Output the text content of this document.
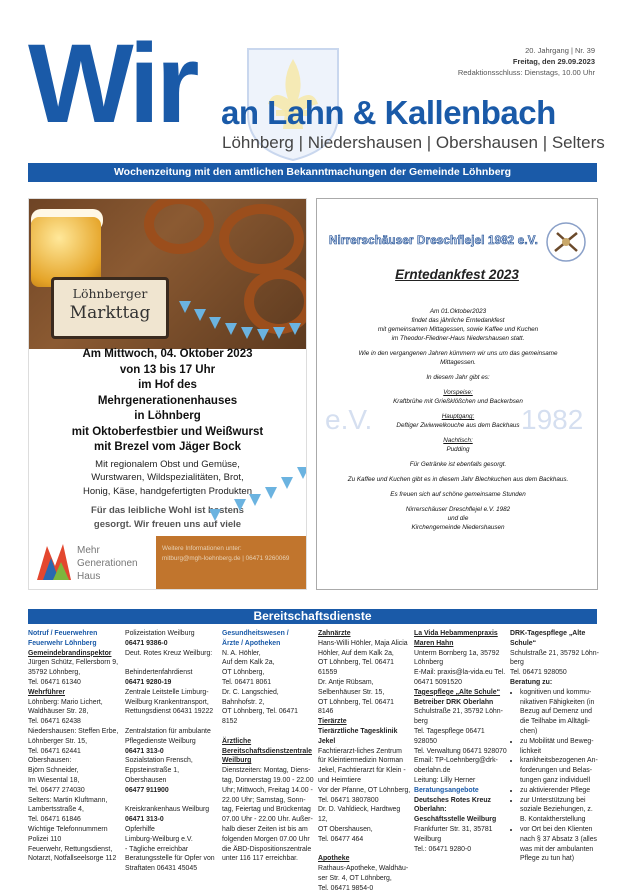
Wir	20. Jahrgang | Nr. 39
Freitag, den 29.09.2023
Redaktionsschluss: Dienstags, 10.00 Uhr
an Lahn & Kallenbach
Löhnberg | Niedershausen | Obershausen | Selters
Wochenzeitung mit den amtlichen Bekanntmachungen der Gemeinde Löhnberg
Löhnberger
Markttag
Am Mittwoch, 04. Oktober 2023
von 13 bis 17 Uhr
im Hof des
Mehrgenerationenhauses
in Löhnberg
mit Oktoberfestbier und Weißwurst
mit Brezel vom Jäger Bock
Mit regionalem Obst und Gemüse,
Wurstwaren, Wildspezialitäten, Brot,
Honig, Käse, handgefertigten Produkten
Für das leibliche Wohl ist bestens
gesorgt. Wir freuen uns auf viele
Mehr
Generationen
Haus
Weitere Informationen unter:
mitburg@mgh-loehnberg.de | 06471 9260069
e.V.	1982
Nirrerschäuser Dreschflejel 1982 e.V.
Erntedankfest 2023

Am 01.Oktober2023
findet das jährliche Erntedankfest
mit gemeinsamen Mittagessen, sowie Kaffee und Kuchen
im Theodor-Fliedner-Haus Niedershausen statt.

Wie in den vergangenen Jahren kümmern wir uns um das gemeinsame
Mittagessen.

In diesem Jahr gibt es:

Vorspeise:
Kraftbrühe mit Grießklößchen und Backerbsen

Hauptgang:
Deftiger Zwiwwelkouche aus dem Backhaus

Nachtisch:
Pudding

Für Getränke ist ebenfalls gesorgt.

Zu Kaffee und Kuchen gibt es in diesem Jahr Blechkuchen aus dem Backhaus.

Es freuen sich auf schöne gemeinsame Stunden

Nirrerschäuser Dreschflejel e.V. 1982
und die
Kirchengemeinde Niedershausen

Bereitschaftsdienste
Notruf / Feuerwehren
Feuerwehr Löhnberg
Gemeindebrandinspektor
Jürgen Schütz, Fellersborn 9,
35792 Löhnberg,
Tel. 06471 61340
Wehrführer
Löhnberg: Mario Lichert,
Waldhäuser Str. 28,
Tel. 06471 62438
Niedershausen: Steffen Erbe,
Löhnberger Str. 15,
Tel. 06471 62441
Obershausen:
Björn Schneider,
Im Wiesental 18,
Tel. 06477 274030
Selters: Martin Kluftmann,
Lambertsstraße 4,
Tel. 06471 61846
Wichtige Telefonnummern
Polizei 110
Feuerwehr, Rettungsdienst,
Notarzt, Notfallseelsorge 112
Polizeistation Weilburg
06471 9386-0
Deut. Rotes Kreuz Weilburg:

Behindertenfahrdienst
06471 9280-19
Zentrale Leitstelle Limburg-
Weilburg Krankentransport,
Rettungsdienst 06431 19222

Zentralstation für ambulante
Pflegedienste Weilburg
06471 313-0
Sozialstation Frensch,
Eppsteinstraße 1,
Obershausen
06477 911900

Kreiskrankenhaus Weilburg
06471 313-0
Opferhilfe
Limburg-Weilburg e.V.
- Tägliche erreichbar
Beratungsstelle für Opfer von
Straftaten 06431 45045
Gesundheitswesen /
Ärzte / Apotheken
N. A. Höhler,
Auf dem Kalk 2a,
OT Löhnberg,
Tel. 06471 8061
Dr. C. Langschied, Bahnhofstr. 2,
OT Löhnberg, Tel. 06471 8152

Ärztliche
Bereitschaftsdienstzentrale
Weilburg
Dienstzeiten: Montag, Diens-
tag, Donnerstag 19.00 - 22.00
Uhr; Mittwoch, Freitag 14.00 -
22.00 Uhr; Samstag, Sonn-
tag, Feiertag und Brückentag
07.00 Uhr - 22.00 Uhr. Außer-
halb dieser Zeiten ist bis am
folgenden Morgen 07.00 Uhr
die ÄBD-Dispositionszentrale
unter 116 117 erreichbar.
Zahnärzte
Hans-Willi Höhler, Maja Alicia
Höhler, Auf dem Kalk 2a,
OT Löhnberg, Tel. 06471
61559
Dr. Antje Rübsam,
Selbenhäuser Str. 15,
OT Löhnberg, Tel. 06471 8146
Tierärzte
Tierärztliche Tagesklinik
Jekel
Fachtierarzt-liches Zentrum
für Kleintiermedizin Norman
Jekel, Fachtierarzt für Klein -
und Heimtiere
Vor der Pfanne, OT Löhnberg,
Tel. 06471 3807800
Dr. D. Vahldieck, Hardtweg 12,
OT Obershausen,
Tel. 06477 464

Apotheke
Rathaus-Apotheke, Waldhäu-
ser Str. 4, OT Löhnberg,
Tel. 06471 9854-0
La Vida Hebammenpraxis
Maren Hahn
Unterm Bornberg 1a, 35792
Löhnberg
E-Mail: praxis@la-vida.eu Tel.
06471 5091520
Tagespflege „Alte Schule“
Betreiber DRK Oberlahn
Schulstraße 21, 35792 Löhn-
berg
Tel. Tagespflege 06471
928050
Tel. Verwaltung 06471 928070
Email: TP-Loehnberg@drk-
oberlahn.de
Leitung: Lilly Herner
Beratungsangebote
Deutsches Rotes Kreuz
Oberlahn:
Geschäftsstelle Weilburg
Frankfurter Str. 31, 35781
Weilburg
Tel.: 06471 9280-0
DRK-Tagespflege „Alte
Schule“
Schulstraße 21, 35792 Löhn-
berg
Tel. 06471 928050
Beratung zu:
• kognitiven und kommu-nikativen Fähigkeiten (in Bezug auf Demenz und die Teilhabe im Alltägli-chen)
• zu Mobilität und Beweg-lichkeit
• krankheitsbezogenen An-forderungen und Belas-tungen ganz individuell
• zu aktivierender Pflege
• zur Unterstützung bei soziale Beziehungen, z. B. Kontaktherstellung
• vor Ort bei den Klienten nach § 37 Absatz 3 (alles was mit der ambulanten Pflege zu tun hat)
